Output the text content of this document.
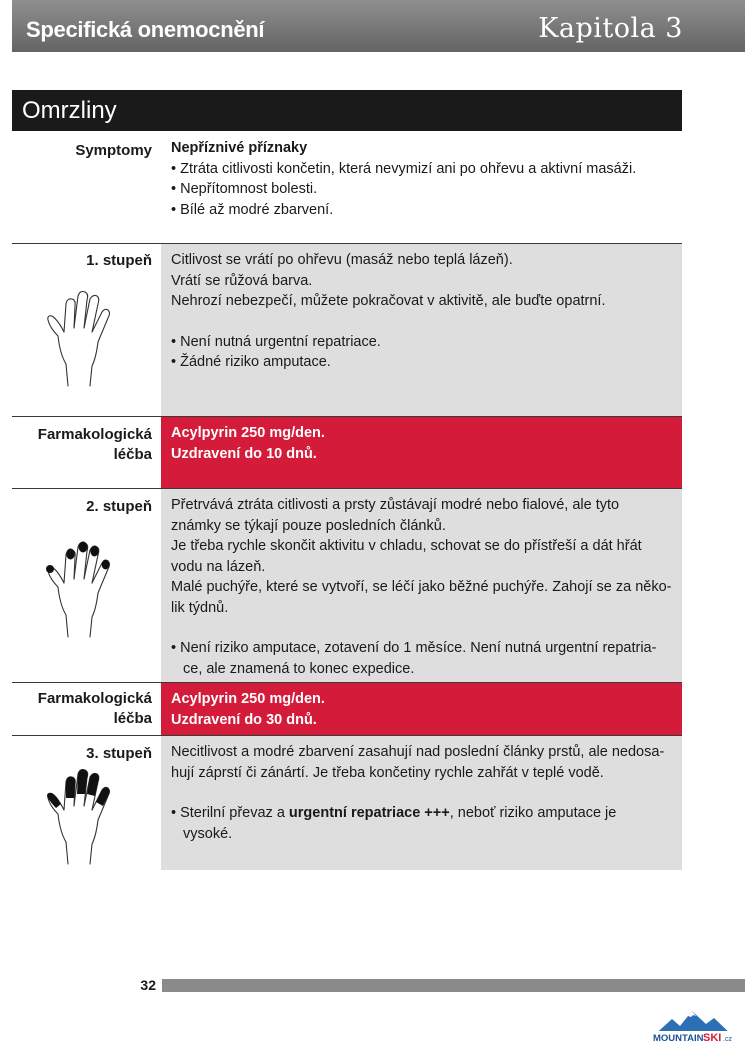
Specifická onemocnění	Kapitola 3
Omrzliny
Symptomy Nepříznivé příznaky
• Ztráta citlivosti končetin, která nevymizí ani po ohřevu a aktivní masáži.
• Nepřítomnost bolesti.
• Bílé až modré zbarvení.
1. stupeň Citlivost se vrátí po ohřevu (masáž nebo teplá lázeň).
Vrátí se růžová barva.
Nehrozí nebezpečí, můžete pokračovat v aktivitě, ale buďte opatrní.
• Není nutná urgentní repatriace.
• Žádné riziko amputace.
Farmakologická
léčba
Acylpyrin 250 mg/den.
Uzdravení do 10 dnů.
2. stupeň Přetrvává ztráta citlivosti a prsty zůstávají modré nebo fialové, ale tyto
známky se týkají pouze posledních článků.
Je třeba rychle skončit aktivitu v chladu, schovat se do přístřeší a dát hřát
vodu na lázeň.
Malé puchýře, které se vytvoří, se léčí jako běžné puchýře. Zahojí se za něko-
lik týdnů.
• Není riziko amputace, zotavení do 1 měsíce. Není nutná urgentní repatria-
ce, ale znamená to konec expedice.
Farmakologická
léčba
Acylpyrin 250 mg/den.
Uzdravení do 30 dnů.
3. stupeň Necitlivost a modré zbarvení zasahují nad poslední články prstů, ale nedosa-
hují záprstí či zánártí. Je třeba končetiny rychle zahřát v teplé vodě.
• Sterilní převaz a urgentní repatriace +++, neboť riziko amputace je
vysoké.
32
MOUNTAIN SKI .cz
